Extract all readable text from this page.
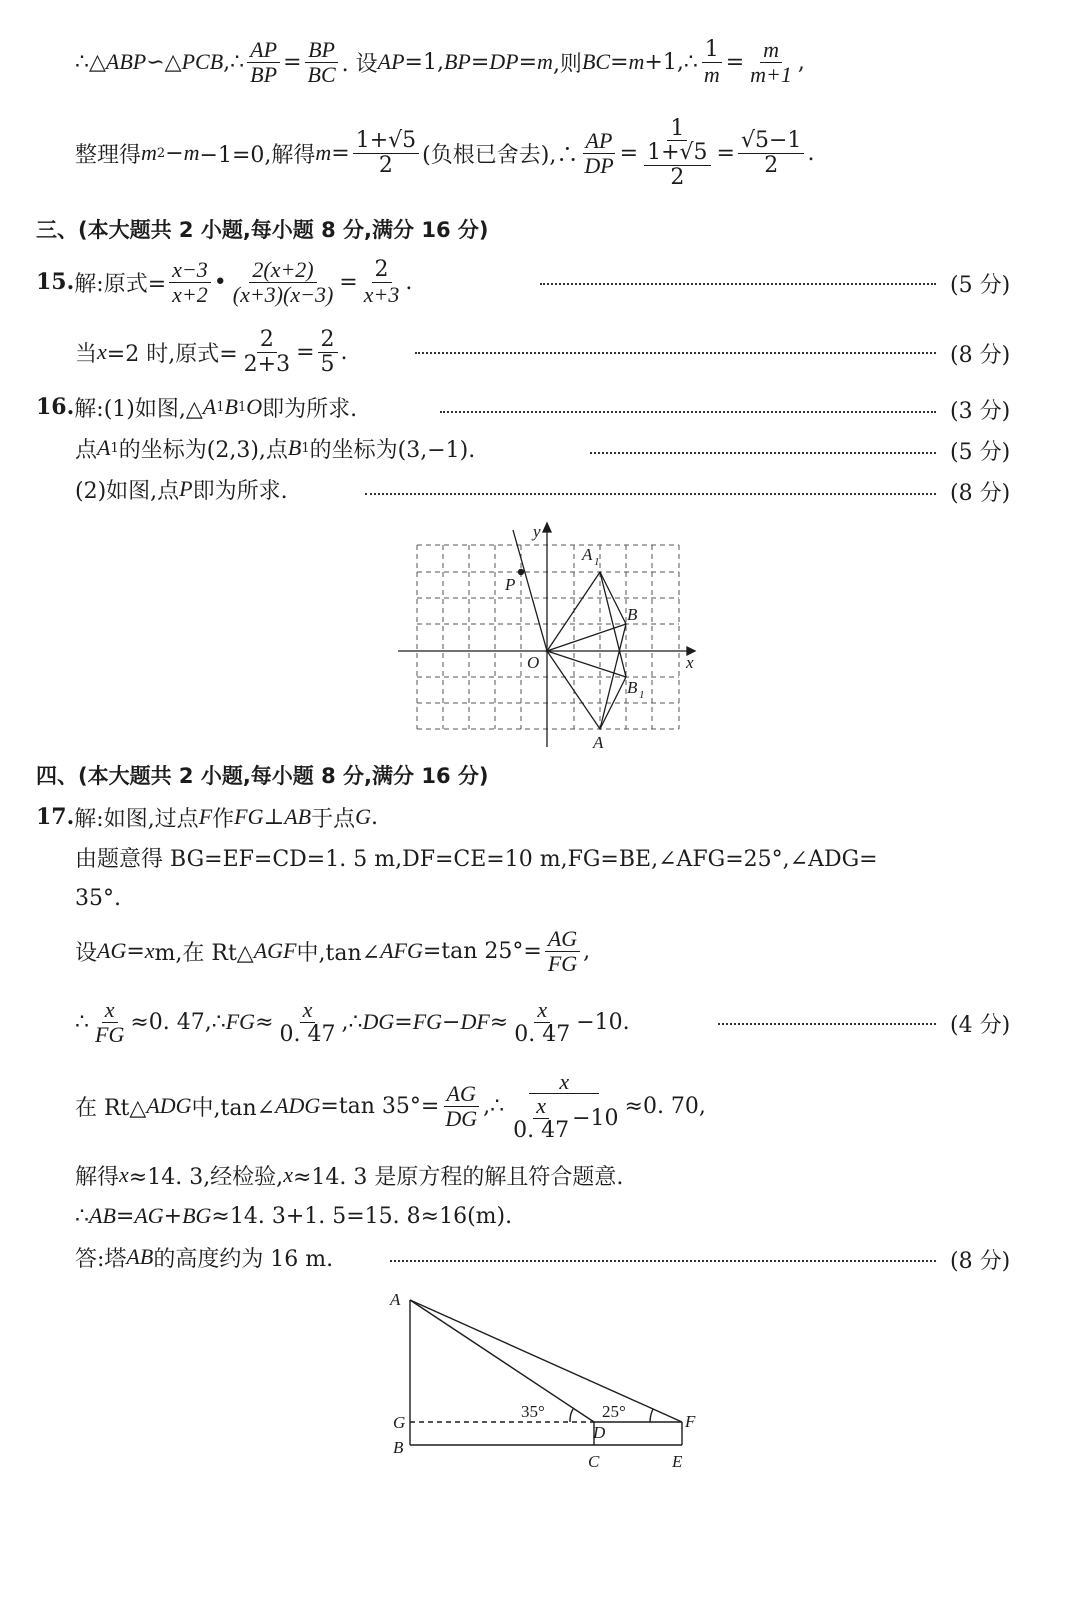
∴△ ABP ∽△ PCB ,∴ $\frac{AP}{BP} = \frac{BP}{BC}$ . 设 AP =1, BP = DP = m ,则 BC = m +1,∴ $\frac{1}{m} = \frac{m}{m+1}$ ,
整理得 m 2 − m −1=0,解得 $m = \frac{1+√5}{2}$ (负根已舍去),∴ $\frac{AP}{DP} = \frac{1}{\frac{1+√5}{2}} = \frac{√5-1}{2}$ .
三、(本大题共 2 小题,每小题 8 分,满分 16 分)
15. 解:原式= $\frac{x-3}{x+2}$ • $\frac{2(x+2)}{(x+3)(x-3)} = \frac{2}{x+3}$ .	(5 分)
当 x =2 时,原式= $\frac{2}{2+3} = \frac{2}{5}$ .	(8 分)
16. 解:(1)如图,△ A 1 B 1 O 即为所求.	(3 分)
点 A 1 的坐标为(2,3),点 B 1 的坐标为(3,−1).	(5 分)
(2)如图,点 P 即为所求.	(8 分)
y
x
O
A 1
B
B 1
A
P
四、(本大题共 2 小题,每小题 8 分,满分 16 分)
17. 解:如图,过点 F 作 FG ⊥ AB 于点 G .
由题意得 BG=EF=CD=1. 5 m,DF=CE=10 m,FG=BE,∠AFG=25°,∠ADG=
35°.
设 AG = x m,在 Rt△ AGF 中,tan∠ AFG =tan $25^\circ= \frac{AG}{FG}$ ,
∴ $\frac{x}{FG} \approx 0$. 47,∴ FG ≈ $\frac{x}{0. 47}$ ,∴ DG = FG − DF ≈ $\frac{x}{0. 47} -10$.	(4 分)
在 Rt△ ADG 中,tan∠ ADG =tan $35^\circ= \frac{AG}{DG}$ ,∴ $\frac{x}{\frac{x}{0. 47} -10} \approx 0$. 70,
解得 x ≈14. 3,经检验, x ≈14. 3 是原方程的解且符合题意.
∴ AB = AG + BG ≈14. 3+1. 5=15. 8≈16(m).
答:塔 AB 的高度约为 16 m.	(8 分)
A
G
B
D
C
F
E
35°	25°
